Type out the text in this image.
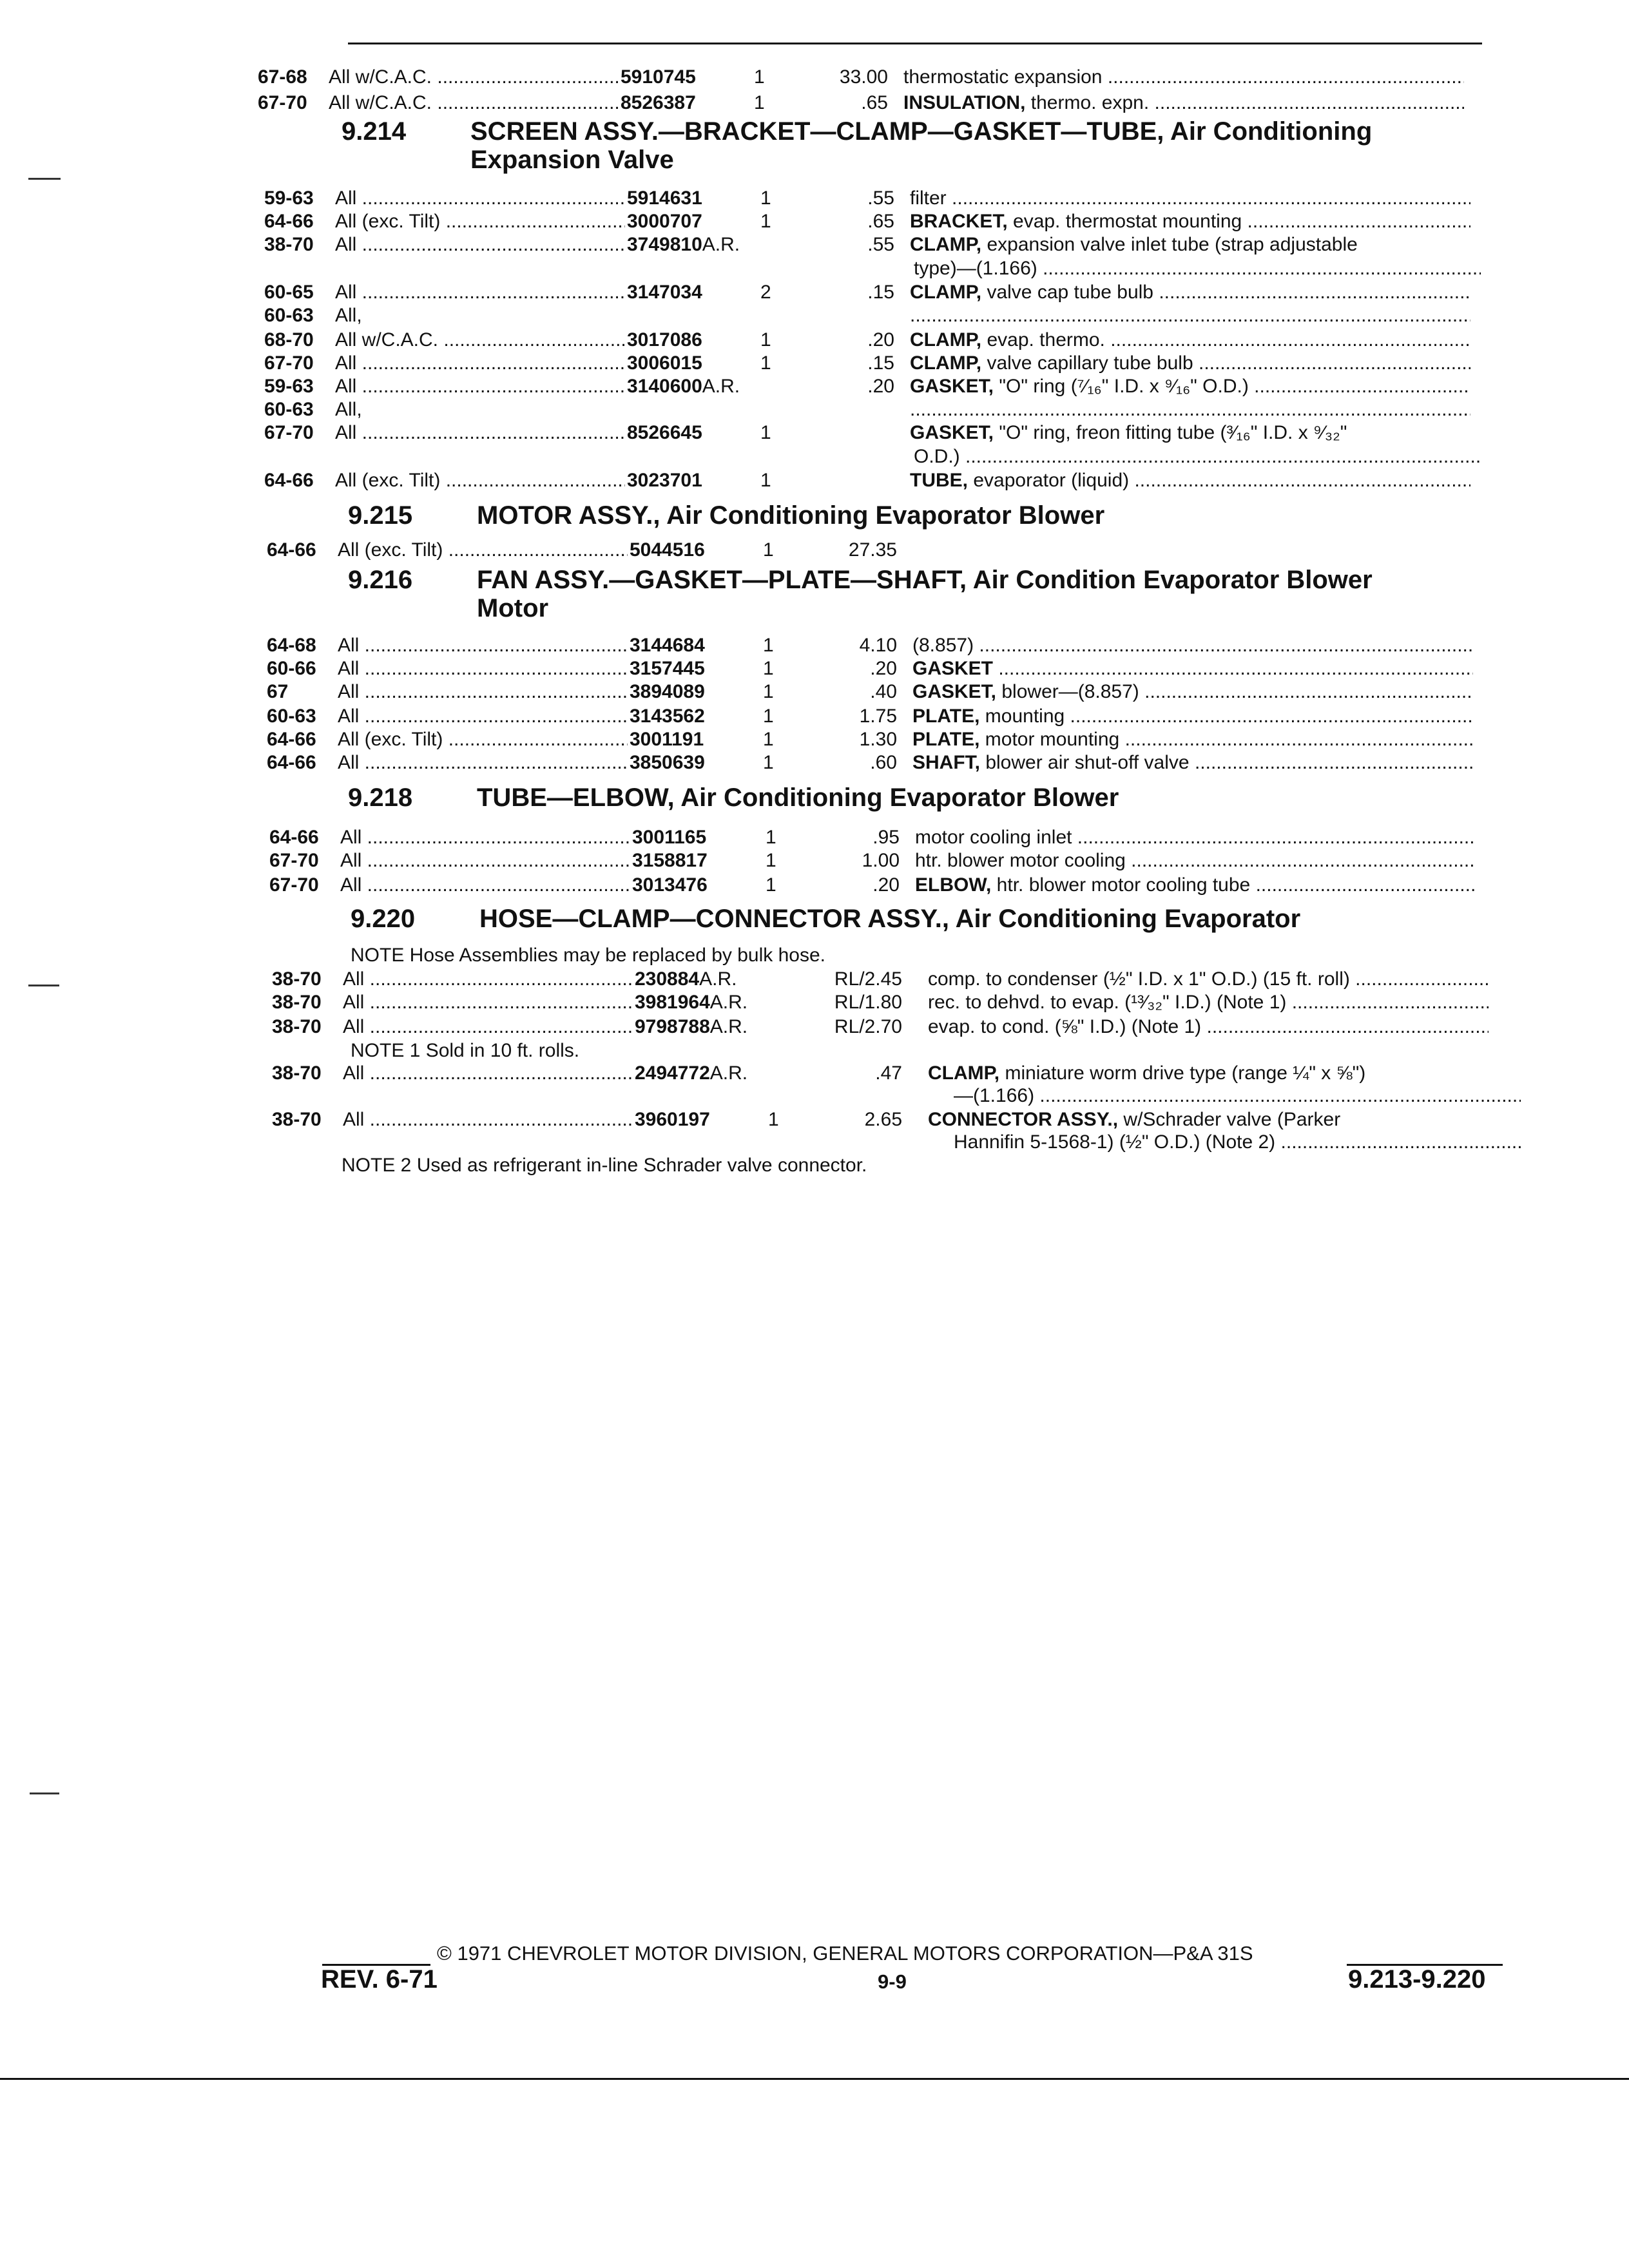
67-68	All w/C.A.C. .....	5910745	1	33.00 thermostatic expansion.....
67-70	All w/C.A.C. .....	8526387	1	.65 INSULATION, thermo. expn......
9.214 SCREEN ASSY.—BRACKET—CLAMP—GASKET—TUBE, Air Conditioning
Expansion Valve
59-63	All .....	5914631	1	.55 filter.....
64-66	All (exc. Tilt) .....	3000707	1	.65 BRACKET, evap. thermostat mounting.....
38-70	All .....	3749810A.R.	.55 CLAMP, expansion valve inlet tube (strap adjustable
type)—(1.166).....
60-65	All .....	3147034	2	.15 CLAMP, valve cap tube bulb.....
60-63	All,
.....
68-70	All w/C.A.C. .....	3017086	1	.20 CLAMP, evap. thermo......
67-70	All .....	3006015	1	.15 CLAMP, valve capillary tube bulb.....
59-63	All .....	3140600A.R.	.20 GASKET, "O" ring (⁷⁄₁₆" I.D. x ⁹⁄₁₆" O.D.).....
60-63	All,
.....
67-70	All .....	8526645	1	GASKET, "O" ring, freon fitting tube (³⁄₁₆" I.D. x ⁹⁄₃₂"
O.D.).....
64-66	All (exc. Tilt) .....	3023701	1	TUBE, evaporator (liquid).....
9.215 MOTOR ASSY., Air Conditioning Evaporator Blower
64-66	All (exc. Tilt) .....	5044516	1	27.35
9.216 FAN ASSY.—GASKET—PLATE—SHAFT, Air Condition Evaporator Blower
Motor
64-68	All .....	3144684	1	4.10 (8.857).....
60-66	All .....	3157445	1	.20 GASKET.....
67	All .....	3894089	1	.40 GASKET, blower—(8.857).....
60-63	All .....	3143562	1	1.75 PLATE, mounting.....
64-66	All (exc. Tilt) .....	3001191	1	1.30 PLATE, motor mounting.....
64-66	All .....	3850639	1	.60 SHAFT, blower air shut-off valve.....
9.218 TUBE—ELBOW, Air Conditioning Evaporator Blower
64-66	All .....	3001165	1	.95 motor cooling inlet.....
67-70	All .....	3158817	1	1.00 htr. blower motor cooling.....
67-70	All .....	3013476	1	.20 ELBOW, htr. blower motor cooling tube.....
9.220 HOSE—CLAMP—CONNECTOR ASSY., Air Conditioning Evaporator
NOTE Hose Assemblies may be replaced by bulk hose.
38-70	All .....	230884A.R.	RL/2.45 comp. to condenser (½" I.D. x 1" O.D.) (15 ft. roll).....
38-70	All .....	3981964A.R.	RL/1.80 rec. to dehvd. to evap. (¹³⁄₃₂" I.D.) (Note 1).....
38-70	All .....	9798788A.R.	RL/2.70 evap. to cond. (⅝" I.D.) (Note 1).....
38-70	All .....	2494772A.R.	.47 CLAMP, miniature worm drive type (range ¼" x ⅝")
—(1.166).....
38-70	All .....	3960197	1	2.65 CONNECTOR ASSY., w/Schrader valve (Parker
Hannifin 5-1568-1) (½" O.D.) (Note 2).....
NOTE 1 Sold in 10 ft. rolls.
NOTE 2 Used as refrigerant in-line Schrader valve connector.
© 1971 CHEVROLET MOTOR DIVISION, GENERAL MOTORS CORPORATION—P&A 31S
REV. 6-71	9-9	9.213-9.220
